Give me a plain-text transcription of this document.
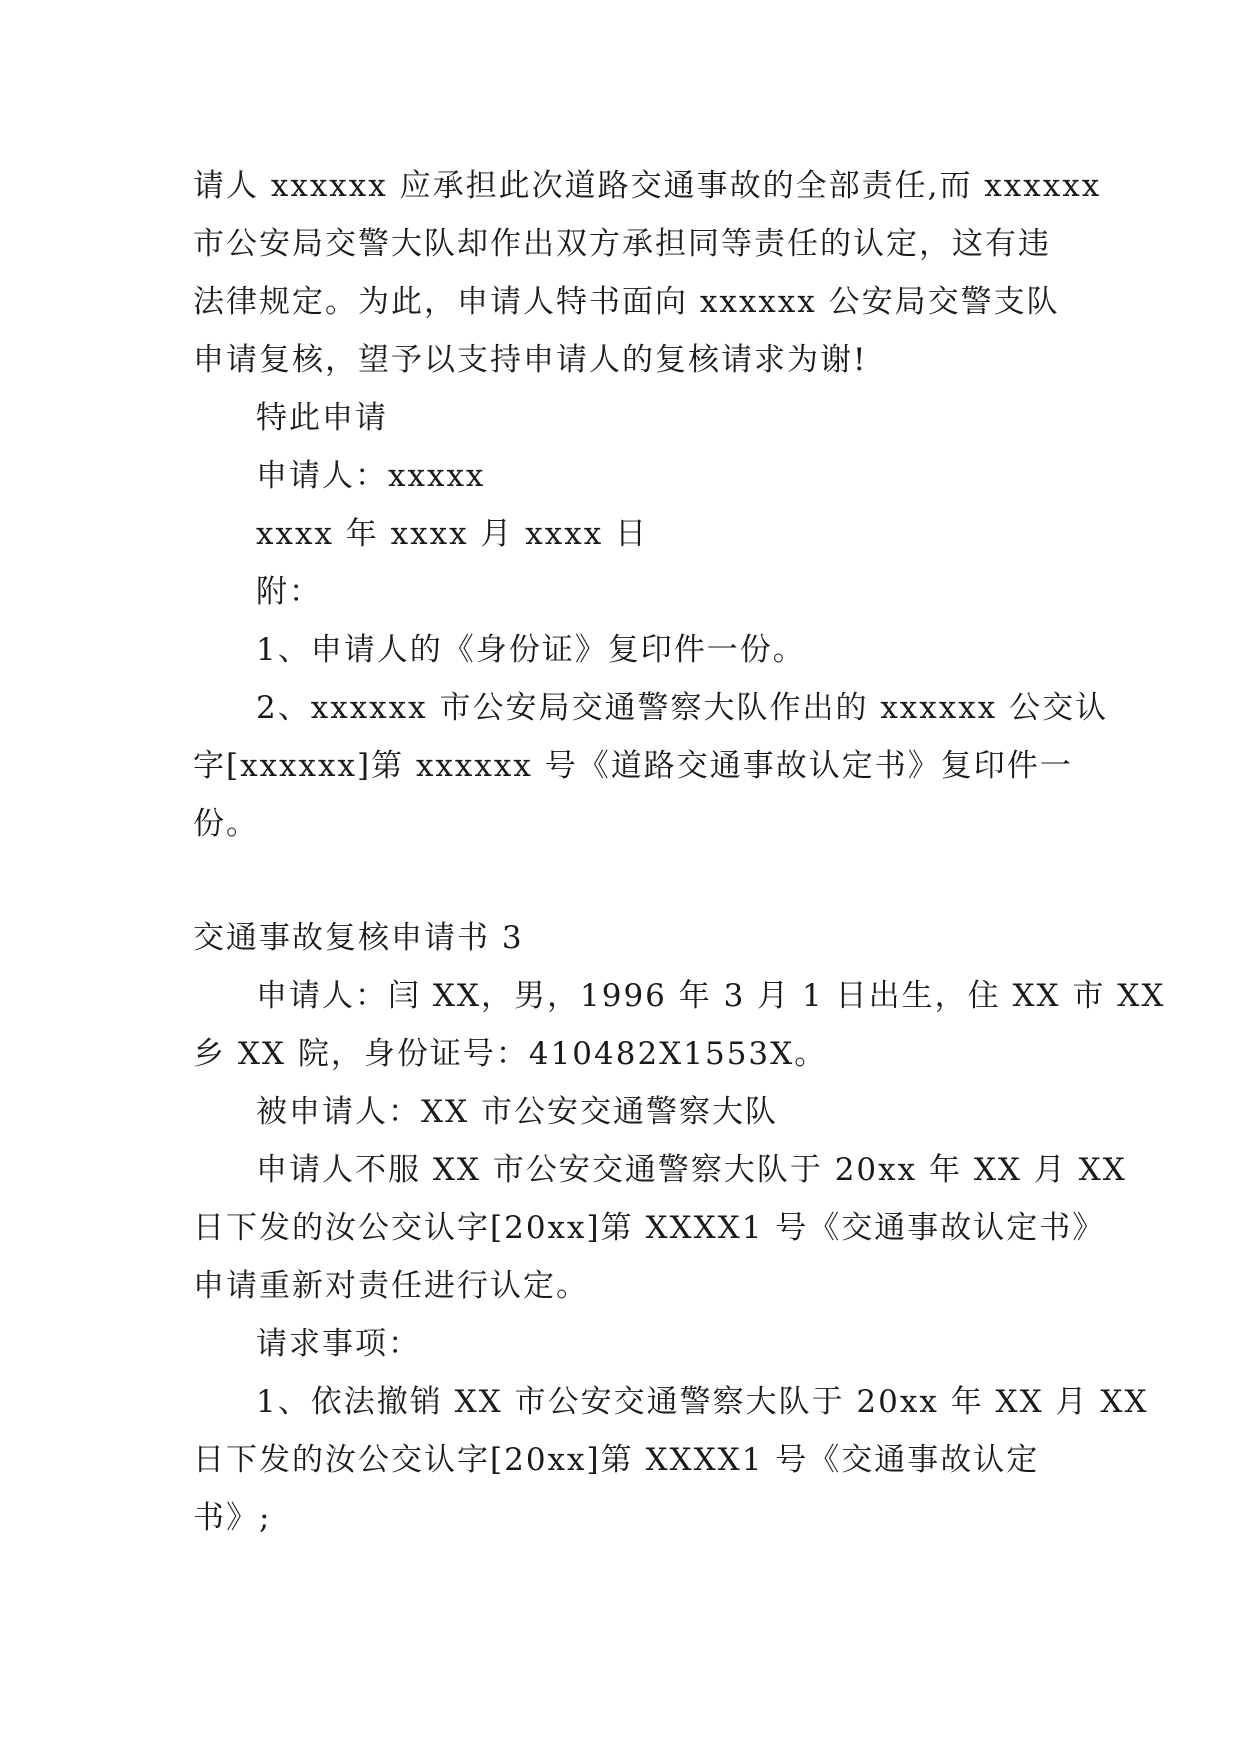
请人 xxxxxx 应承担此次道路交通事故的全部责任,而 xxxxxx
市公安局交警大队却作出双方承担同等责任的认定，这有违
法律规定。为此，申请人特书面向 xxxxxx 公安局交警支队
申请复核，望予以支持申请人的复核请求为谢!
特此申请
申请人：xxxxx
xxxx 年 xxxx 月 xxxx 日
附：
1、申请人的《身份证》复印件一份。
2、xxxxxx 市公安局交通警察大队作出的 xxxxxx 公交认
字[xxxxxx]第 xxxxxx 号《道路交通事故认定书》复印件一
份。
交通事故复核申请书 3
申请人：闫 XX，男，1996 年 3 月 1 日出生，住 XX 市 XX
乡 XX 院，身份证号：410482X1553X。
被申请人：XX 市公安交通警察大队
申请人不服 XX 市公安交通警察大队于 20xx 年 XX 月 XX
日下发的汝公交认字[20xx]第 XXXX1 号《交通事故认定书》
申请重新对责任进行认定。
请求事项：
1、依法撤销 XX 市公安交通警察大队于 20xx 年 XX 月 XX
日下发的汝公交认字[20xx]第 XXXX1 号《交通事故认定
书》;
